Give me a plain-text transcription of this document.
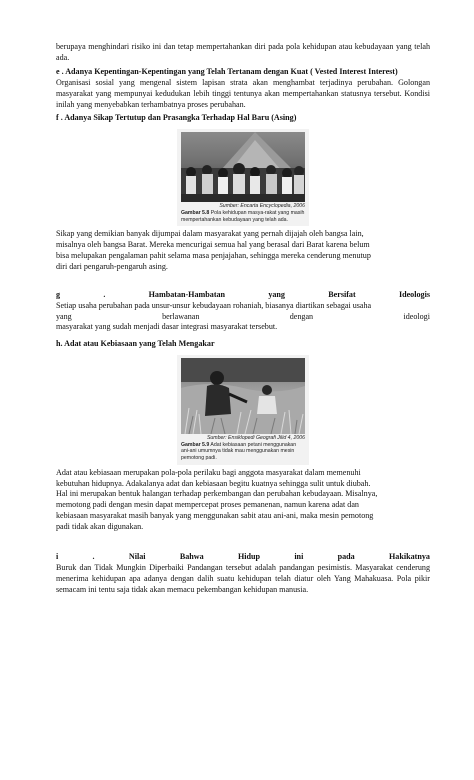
berupaya menghindari risiko ini dan tetap mempertahankan diri pada pola kehidupan atau kebudayaan yang telah ada.

e . Adanya Kepentingan-Kepentingan yang Telah Tertanam dengan Kuat ( Vested Interest Interest)

Organisasi sosial yang mengenal sistem lapisan strata akan menghambat terjadinya perubahan. Golongan masyarakat yang mempunyai kedudukan lebih tinggi tentunya akan mempertahankan statusnya tersebut. Kondisi inilah yang menyebabkan terhambatnya proses perubahan.

f . Adanya Sikap Tertutup dan Prasangka Terhadap Hal Baru (Asing)

Sumber: Encarta Encyclopedia, 2006
Gambar 5.8 Pola kehidupan masya-rakat yang masih mempertahankan kebudayaan yang telah ada.

Sikap yang demikian banyak dijumpai dalam masyarakat yang pernah dijajah oleh bangsa lain,

misalnya oleh bangsa Barat. Mereka mencurigai semua hal yang berasal dari Barat karena belum

bisa melupakan pengalaman pahit selama masa penjajahan, sehingga mereka cenderung menutup

diri dari pengaruh-pengaruh asing.

g	.	Hambatan-Hambatan	yang	Bersifat	Ideologis

Setiap usaha perubahan pada unsur-unsur kebudayaan rohaniah, biasanya diartikan sebagai usaha

yang	berlawanan	dengan	ideologi

masyarakat yang sudah menjadi dasar integrasi masyarakat tersebut.

h. Adat atau Kebiasaan yang Telah Mengakar

Sumber: Ensiklopedi Geografi Jilid 4, 2006
Gambar 5.9 Adat kebiasaan petani menggunakan ani-ani umumnya tidak mau menggunakan mesin pemotong padi.

Adat atau kebiasaan merupakan pola-pola perilaku bagi anggota masyarakat dalam memenuhi

kebutuhan hidupnya. Adakalanya adat dan kebiasaan begitu kuatnya sehingga sulit untuk diubah.

Hal ini merupakan bentuk halangan terhadap perkembangan dan perubahan kebudayaan. Misalnya,

memotong padi dengan mesin dapat mempercepat proses pemanenan, namun karena adat dan

kebiasaan masyarakat masih banyak yang menggunakan sabit atau ani-ani, maka mesin pemotong

padi tidak akan digunakan.

i	.	Nilai	Bahwa	Hidup	ini	pada	Hakikatnya

Buruk dan Tidak Mungkin Diperbaiki Pandangan tersebut adalah pandangan pesimistis. Masyarakat cenderung menerima kehidupan apa adanya dengan dalih suatu kehidupan telah diatur oleh Yang Mahakuasa. Pola pikir semacam ini tentu saja tidak akan memacu pekembangan kehidupan manusia.
